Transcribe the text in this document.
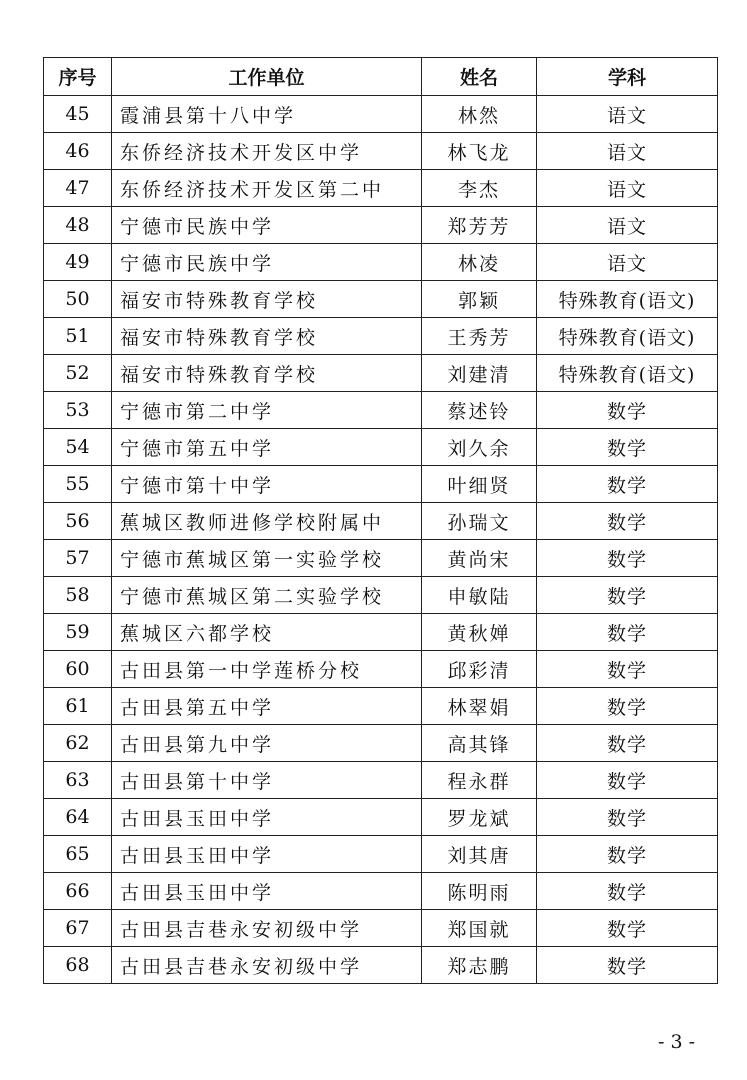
序号	工作单位	姓名	学科
45	霞浦县第十八中学	林然	语文
46	东侨经济技术开发区中学	林飞龙	语文
47	东侨经济技术开发区第二中	李杰	语文
48	宁德市民族中学	郑芳芳	语文
49	宁德市民族中学	林凌	语文
50	福安市特殊教育学校	郭颖	特殊教育(语文)
51	福安市特殊教育学校	王秀芳	特殊教育(语文)
52	福安市特殊教育学校	刘建清	特殊教育(语文)
53	宁德市第二中学	蔡述铃	数学
54	宁德市第五中学	刘久余	数学
55	宁德市第十中学	叶细贤	数学
56	蕉城区教师进修学校附属中	孙瑞文	数学
57	宁德市蕉城区第一实验学校	黄尚宋	数学
58	宁德市蕉城区第二实验学校	申敏陆	数学
59	蕉城区六都学校	黄秋婵	数学
60	古田县第一中学莲桥分校	邱彩清	数学
61	古田县第五中学	林翠娟	数学
62	古田县第九中学	高其锋	数学
63	古田县第十中学	程永群	数学
64	古田县玉田中学	罗龙斌	数学
65	古田县玉田中学	刘其唐	数学
66	古田县玉田中学	陈明雨	数学
67	古田县吉巷永安初级中学	郑国就	数学
68	古田县吉巷永安初级中学	郑志鹏	数学
- 3 -
